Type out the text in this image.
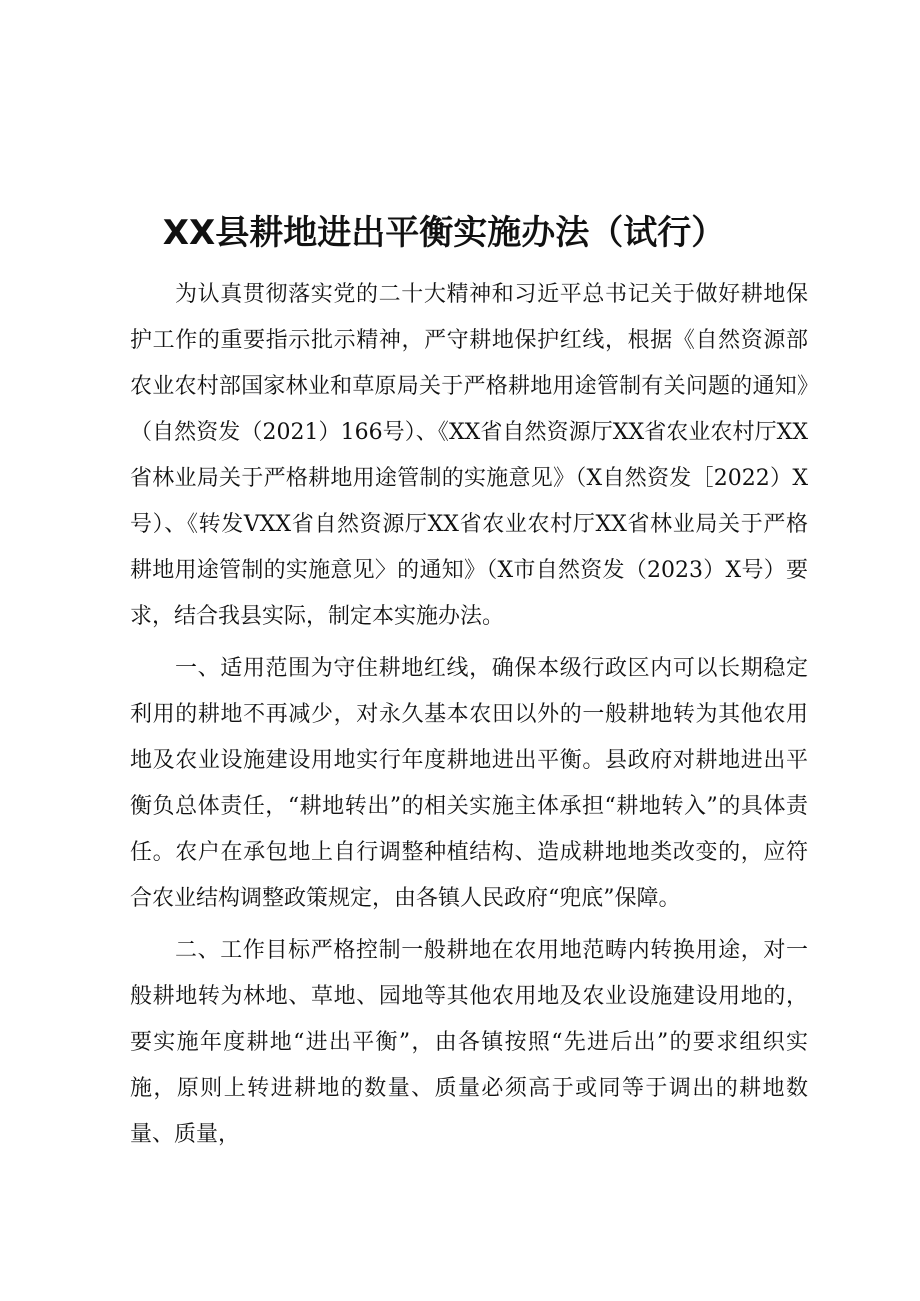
XX县耕地进出平衡实施办法（试行）

为认真贯彻落实党的二十大精神和习近平总书记关于做好耕地保护工作的重要指示批示精神，严守耕地保护红线，根据《自然资源部农业农村部国家林业和草原局关于严格耕地用途管制有关问题的通知》（自然资发（2021）166号）、《XX省自然资源厅XX省农业农村厅XX省林业局关于严格耕地用途管制的实施意见》（X自然资发［2022）X号）、《转发VXX省自然资源厅XX省农业农村厅XX省林业局关于严格耕地用途管制的实施意见〉的通知》（X市自然资发（2023）X号）要求，结合我县实际，制定本实施办法。

一、适用范围为守住耕地红线，确保本级行政区内可以长期稳定利用的耕地不再减少，对永久基本农田以外的一般耕地转为其他农用地及农业设施建设用地实行年度耕地进出平衡。县政府对耕地进出平衡负总体责任，“耕地转出”的相关实施主体承担“耕地转入”的具体责任。农户在承包地上自行调整种植结构、造成耕地地类改变的，应符合农业结构调整政策规定，由各镇人民政府“兜底”保障。

二、工作目标严格控制一般耕地在农用地范畴内转换用途，对一般耕地转为林地、草地、园地等其他农用地及农业设施建设用地的，要实施年度耕地“进出平衡”，由各镇按照“先进后出”的要求组织实施，原则上转进耕地的数量、质量必须高于或同等于调出的耕地数量、质量，
